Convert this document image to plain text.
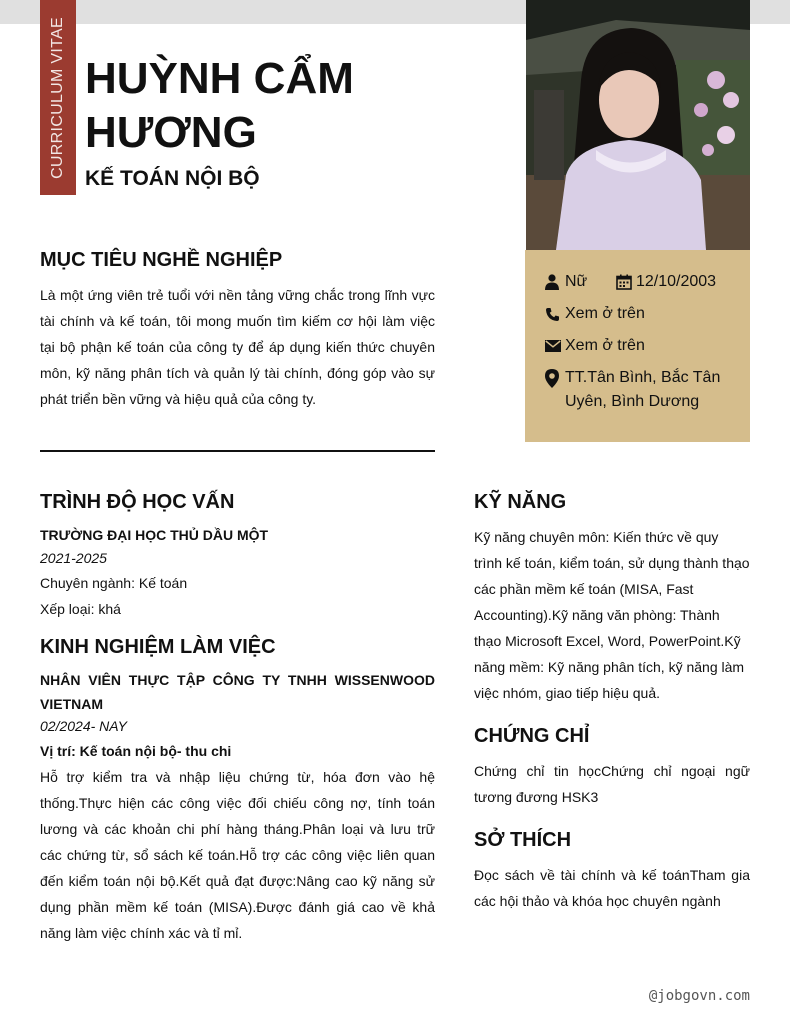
CURRICULUM VITAE HUỲNH CẨM HƯƠNG
KẾ TOÁN NỘI BỘ
Nữ	12/10/2003
Xem ở trên
Xem ở trên
TT.Tân Bình, Bắc Tân Uyên, Bình Dương
MỤC TIÊU NGHỀ NGHIỆP
Là một ứng viên trẻ tuổi với nền tảng vững chắc trong lĩnh vực tài chính và kế toán, tôi mong muốn tìm kiếm cơ hội làm việc tại bộ phận kế toán của công ty để áp dụng kiến thức chuyên môn, kỹ năng phân tích và quản lý tài chính, đóng góp vào sự phát triển bền vững và hiệu quả của công ty.
TRÌNH ĐỘ HỌC VẤN
TRƯỜNG ĐẠI HỌC THỦ DẦU MỘT
2021-2025
Chuyên ngành: Kế toán
Xếp loại: khá
KINH NGHIỆM LÀM VIỆC
NHÂN VIÊN THỰC TẬP CÔNG TY TNHH WISSENWOOD VIETNAM
02/2024- NAY
Vị trí: Kế toán nội bộ- thu chi
Hỗ trợ kiểm tra và nhập liệu chứng từ, hóa đơn vào hệ thống.Thực hiện các công việc đối chiếu công nợ, tính toán lương và các khoản chi phí hàng tháng.Phân loại và lưu trữ các chứng từ, sổ sách kế toán.Hỗ trợ các công việc liên quan đến kiểm toán nội bộ.Kết quả đạt được:Nâng cao kỹ năng sử dụng phần mềm kế toán (MISA).Được đánh giá cao về khả năng làm việc chính xác và tỉ mỉ.
KỸ NĂNG
Kỹ năng chuyên môn: Kiến thức về quy trình kế toán, kiểm toán, sử dụng thành thạo các phần mềm kế toán (MISA, Fast Accounting).Kỹ năng văn phòng: Thành thạo Microsoft Excel, Word, PowerPoint.Kỹ năng mềm: Kỹ năng phân tích, kỹ năng làm việc nhóm, giao tiếp hiệu quả.
CHỨNG CHỈ
Chứng chỉ tin họcChứng chỉ ngoại ngữ tương đương HSK3
SỞ THÍCH
Đọc sách về tài chính và kế toánTham gia các hội thảo và khóa học chuyên ngành
@jobgovn.com
